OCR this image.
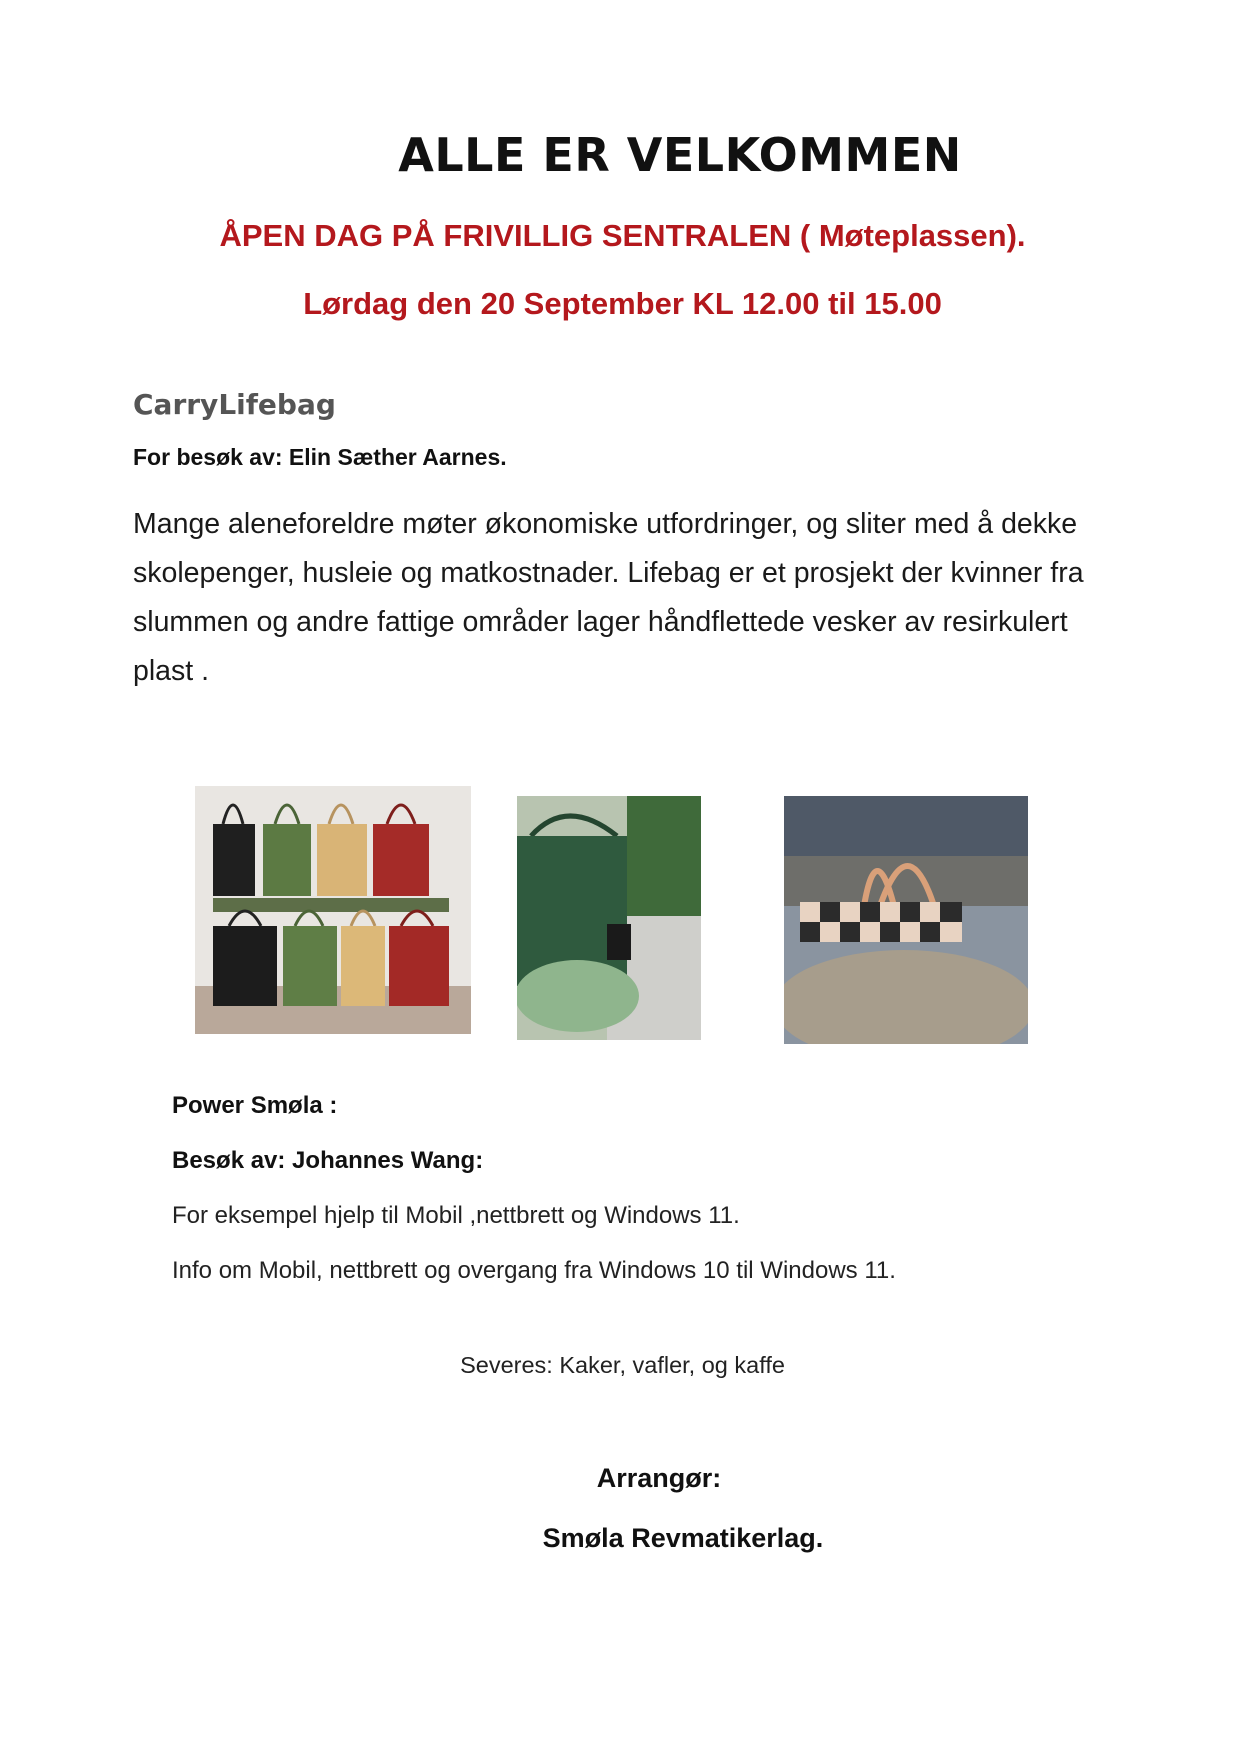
ALLE ER VELKOMMEN
ÅPEN DAG PÅ FRIVILLIG SENTRALEN ( Møteplassen).
Lørdag den 20 September KL 12.00 til 15.00
CarryLifebag
For besøk av: Elin Sæther Aarnes.

Mange aleneforeldre møter økonomiske utfordringer, og sliter med å dekke skolepenger, husleie og matkostnader. Lifebag er et prosjekt der kvinner fra slummen og andre fattige områder lager håndflettede vesker av resirkulert plast .

Power Smøla :
Besøk av: Johannes Wang:
For eksempel hjelp til Mobil ,nettbrett og Windows 11.
Info om Mobil, nettbrett og overgang fra Windows 10 til Windows 11.
Severes: Kaker, vafler, og kaffe
Arrangør:
Smøla Revmatikerlag.
